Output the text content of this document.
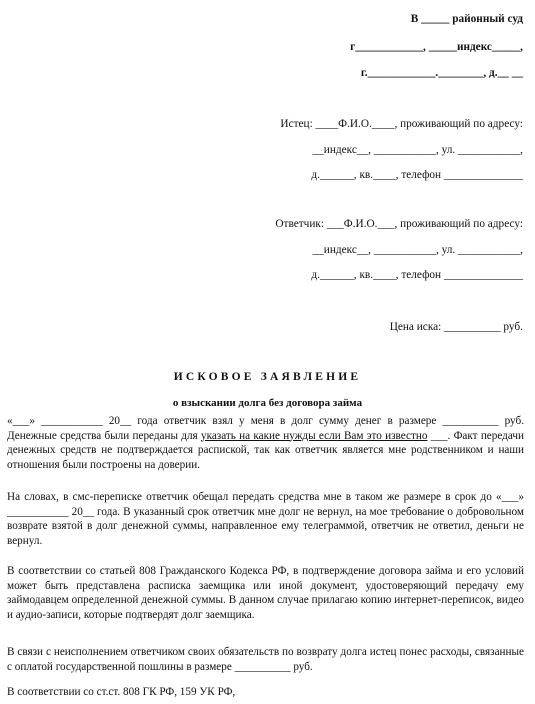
В _____ районный суд
г____________, _____индекс_____,
г.____________.________, д.__ __
Истец: ____Ф.И.О.____, проживающий по адресу:
__индекс__, ___________, ул. ___________,
д.______, кв.____, телефон ______________
Ответчик: ___Ф.И.О.___, проживающий по адресу:
__индекс__, ___________, ул. ___________,
д.______, кв.____, телефон ______________
Цена иска: __________ руб.
ИСКОВОЕ ЗАЯВЛЕНИЕ
о взыскании долга без договора займа

«___» ___________ 20__ года ответчик взял у меня в долг сумму денег в размере __________ руб. Денежные средства были переданы для указать на какие нужды если Вам это известно ___. Факт передачи денежных средств не подтверждается распиской, так как ответчик является мне родственником и наши отношения были построены на доверии.

На словах, в смс-переписке ответчик обещал передать средства мне в таком же размере в срок до «___» ___________ 20__ года. В указанный срок ответчик мне долг не вернул, на мое требование о добровольном возврате взятой в долг денежной суммы, направленное ему телеграммой, ответчик не ответил, деньги не вернул.

В соответствии со статьей 808 Гражданского Кодекса РФ, в подтверждение договора займа и его условий может быть представлена расписка заемщика или иной документ, удостоверяющий передачу ему займодавцем определенной денежной суммы. В данном случае прилагаю копию интернет-переписок, видео и аудио-записи, которые подтвердят долг заемщика.

В связи с неисполнением ответчиком своих обязательств по возврату долга истец понес расходы, связанные с оплатой государственной пошлины в размере __________ руб.

В соответствии со ст.ст. 808 ГК РФ, 159 УК РФ,
